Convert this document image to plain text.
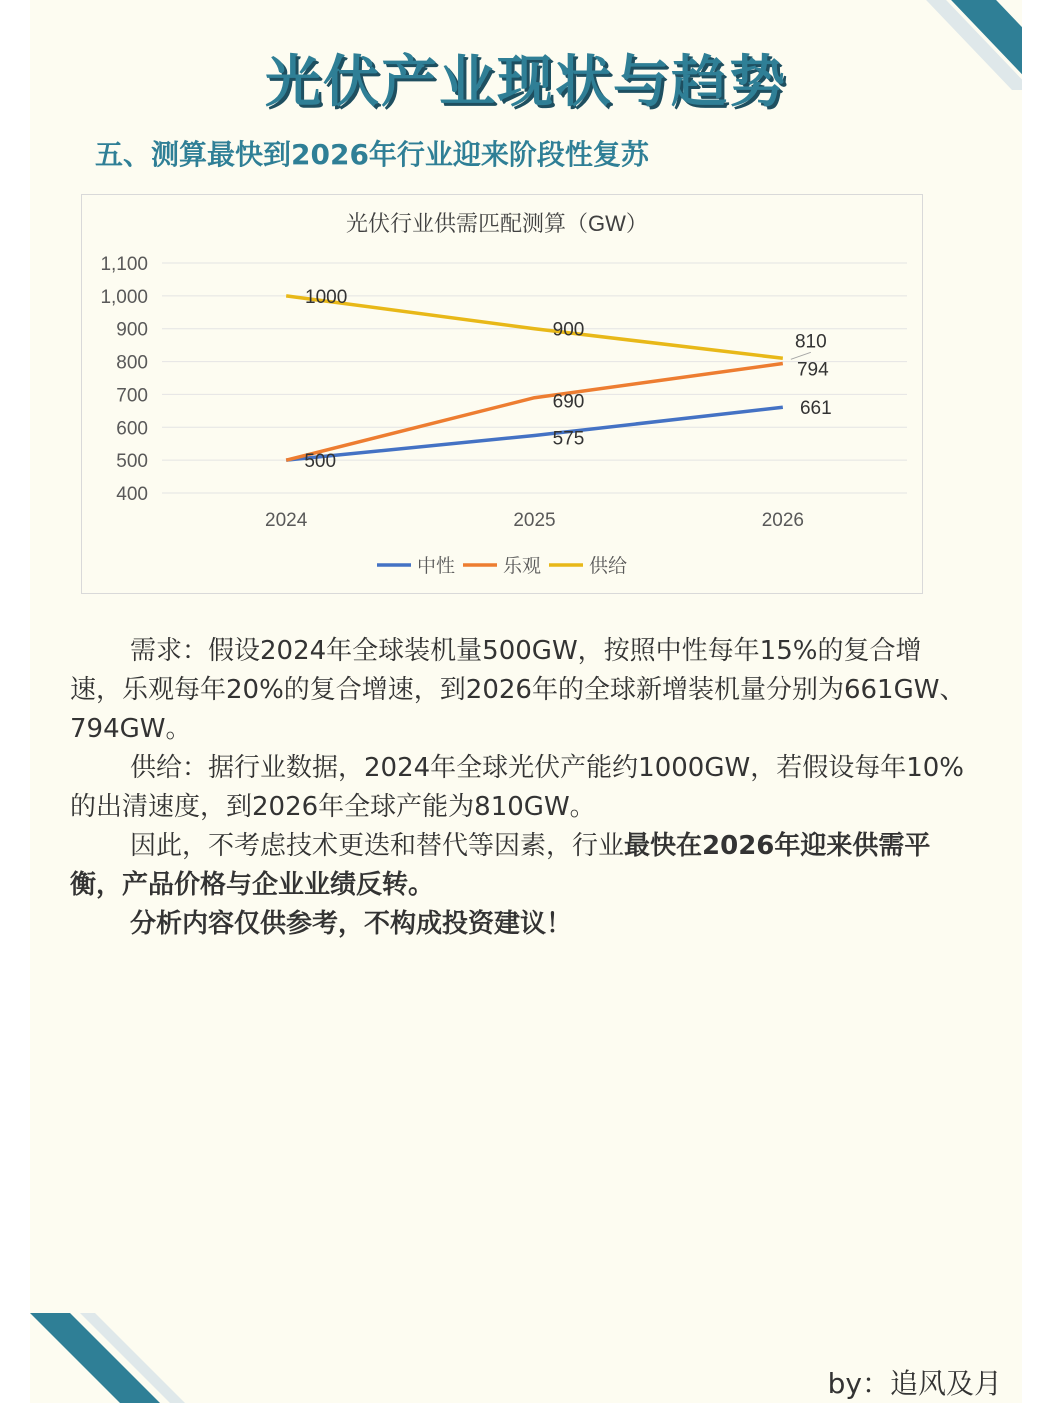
光伏产业现状与趋势
五、测算最快到2026年行业迎来阶段性复苏
光伏行业供需匹配测算（GW）
400
500
600
700
800
900
1,000
1,100
2024	2025	2026
1000
900
810
794
690	661
575
500
中性	乐观	供给

需求：假设2024年全球装机量500GW，按照中性每年15%的复合增速，乐观每年20%的复合增速，到2026年的全球新增装机量分别为661GW、794GW。

供给：据行业数据，2024年全球光伏产能约1000GW，若假设每年10%的出清速度，到2026年全球产能为810GW。

因此，不考虑技术更迭和替代等因素，行业最快在2026年迎来供需平衡，产品价格与企业业绩反转。

分析内容仅供参考，不构成投资建议！

by：追风及月
